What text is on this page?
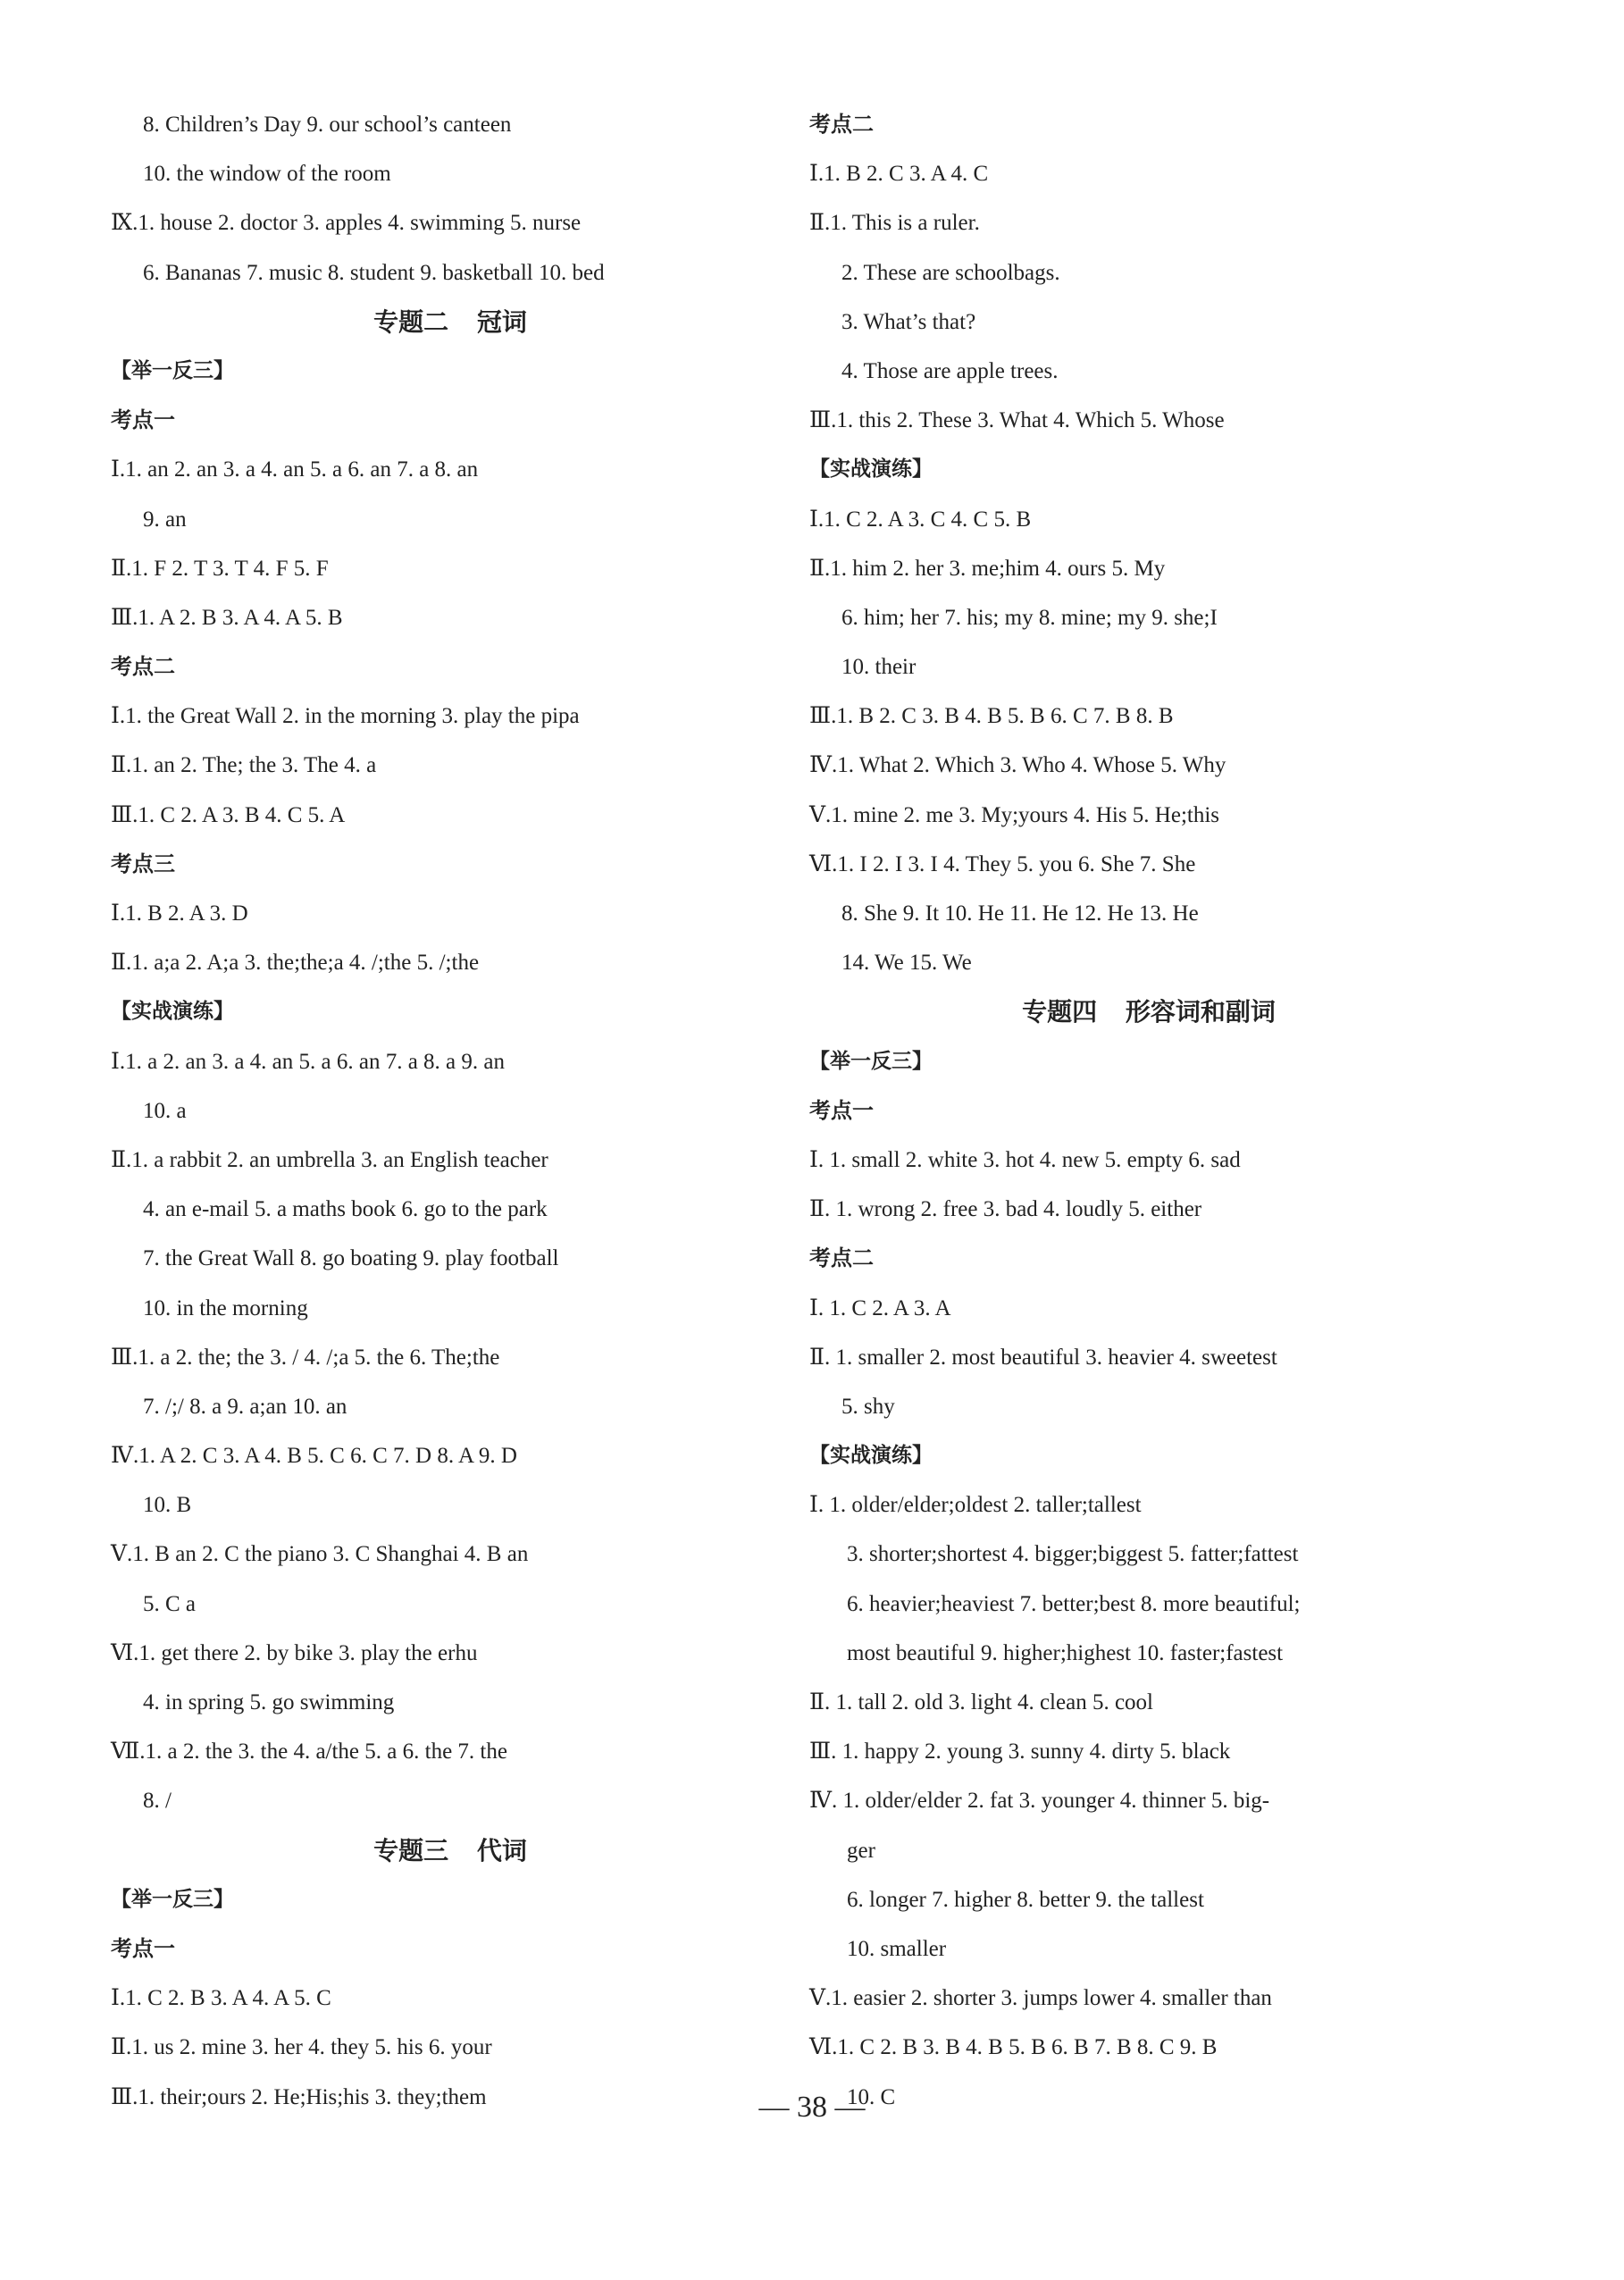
8. Children’s Day 9. our school’s canteen
10. the window of the room
Ⅸ.1. house 2. doctor 3. apples 4. swimming 5. nurse
6. Bananas 7. music 8. student 9. basketball 10. bed
专题二 冠词
【举一反三】
考点一
Ⅰ.1. an 2. an 3. a 4. an 5. a 6. an 7. a 8. an
9. an
Ⅱ.1. F 2. T 3. T 4. F 5. F
Ⅲ.1. A 2. B 3. A 4. A 5. B
考点二
Ⅰ.1. the Great Wall 2. in the morning 3. play the pipa
Ⅱ.1. an 2. The; the 3. The 4. a
Ⅲ.1. C 2. A 3. B 4. C 5. A
考点三
Ⅰ.1. B 2. A 3. D
Ⅱ.1. a;a 2. A;a 3. the;the;a 4. /;the 5. /;the
【实战演练】
Ⅰ.1. a 2. an 3. a 4. an 5. a 6. an 7. a 8. a 9. an
10. a
Ⅱ.1. a rabbit 2. an umbrella 3. an English teacher
4. an e-mail 5. a maths book 6. go to the park
7. the Great Wall 8. go boating 9. play football
10. in the morning
Ⅲ.1. a 2. the; the 3. / 4. /;a 5. the 6. The;the
7. /;/ 8. a 9. a;an 10. an
Ⅳ.1. A 2. C 3. A 4. B 5. C 6. C 7. D 8. A 9. D
10. B
Ⅴ.1. B an 2. C the piano 3. C Shanghai 4. B an
5. C a
Ⅵ.1. get there 2. by bike 3. play the erhu
4. in spring 5. go swimming
Ⅶ.1. a 2. the 3. the 4. a/the 5. a 6. the 7. the
8. /
专题三 代词
【举一反三】
考点一
Ⅰ.1. C 2. B 3. A 4. A 5. C
Ⅱ.1. us 2. mine 3. her 4. they 5. his 6. your
Ⅲ.1. their;ours 2. He;His;his 3. they;them
考点二
Ⅰ.1. B 2. C 3. A 4. C
Ⅱ.1. This is a ruler.
2. These are schoolbags.
3. What’s that?
4. Those are apple trees.
Ⅲ.1. this 2. These 3. What 4. Which 5. Whose
【实战演练】
Ⅰ.1. C 2. A 3. C 4. C 5. B
Ⅱ.1. him 2. her 3. me;him 4. ours 5. My
6. him; her 7. his; my 8. mine; my 9. she;I
10. their
Ⅲ.1. B 2. C 3. B 4. B 5. B 6. C 7. B 8. B
Ⅳ.1. What 2. Which 3. Who 4. Whose 5. Why
Ⅴ.1. mine 2. me 3. My;yours 4. His 5. He;this
Ⅵ.1. I 2. I 3. I 4. They 5. you 6. She 7. She
8. She 9. It 10. He 11. He 12. He 13. He
14. We 15. We
专题四 形容词和副词
【举一反三】
考点一
Ⅰ. 1. small 2. white 3. hot 4. new 5. empty 6. sad
Ⅱ. 1. wrong 2. free 3. bad 4. loudly 5. either
考点二
Ⅰ. 1. C 2. A 3. A
Ⅱ. 1. smaller 2. most beautiful 3. heavier 4. sweetest
5. shy
【实战演练】
Ⅰ. 1. older/elder;oldest 2. taller;tallest
3. shorter;shortest 4. bigger;biggest 5. fatter;fattest
6. heavier;heaviest 7. better;best 8. more beautiful;
most beautiful 9. higher;highest 10. faster;fastest
Ⅱ. 1. tall 2. old 3. light 4. clean 5. cool
Ⅲ. 1. happy 2. young 3. sunny 4. dirty 5. black
Ⅳ. 1. older/elder 2. fat 3. younger 4. thinner 5. big-
ger
6. longer 7. higher 8. better 9. the tallest
10. smaller
Ⅴ.1. easier 2. shorter 3. jumps lower 4. smaller than
Ⅵ.1. C 2. B 3. B 4. B 5. B 6. B 7. B 8. C 9. B
10. C
— 38 —
